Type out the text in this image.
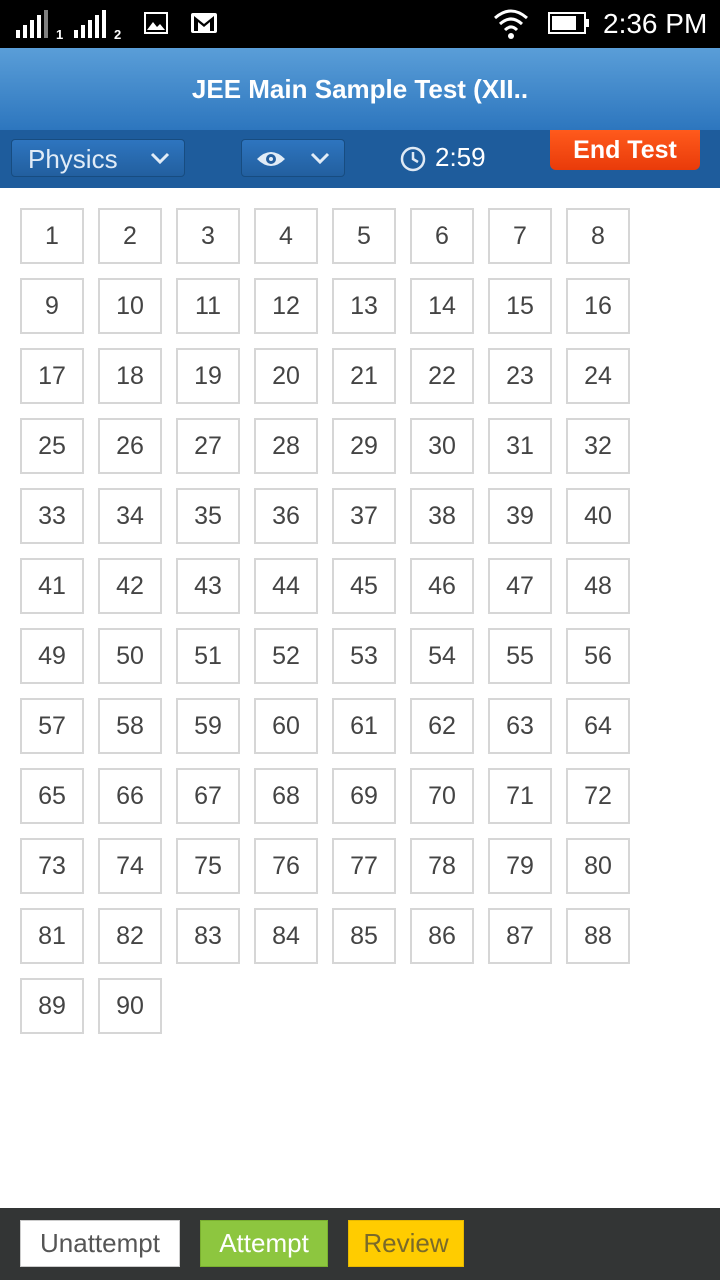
1	2	2:36 PM
JEE Main Sample Test (XII..
Physics	2:59	End Test
1	2	3	4	5	6	7	8
9	10	11	12	13	14	15	16
17	18	19	20	21	22	23	24
25	26	27	28	29	30	31	32
33	34	35	36	37	38	39	40
41	42	43	44	45	46	47	48
49	50	51	52	53	54	55	56
57	58	59	60	61	62	63	64
65	66	67	68	69	70	71	72
73	74	75	76	77	78	79	80
81	82	83	84	85	86	87	88
89	90
Unattempt	Attempt	Review
